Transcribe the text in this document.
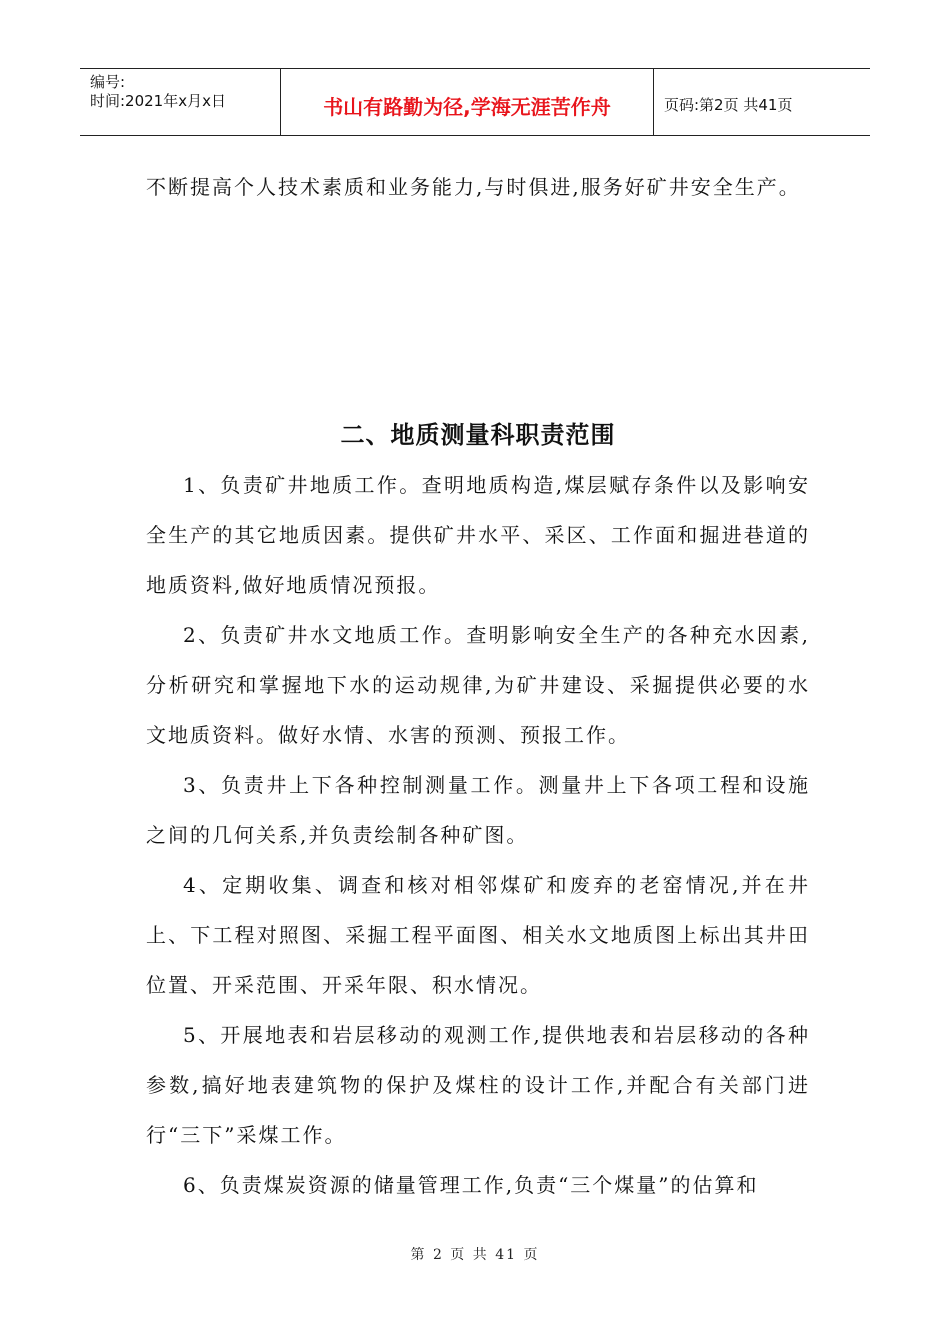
编号:
时间:2021年x月x日	书山有路勤为径,学海无涯苦作舟	页码:第2页 共41页

不断提高个人技术素质和业务能力,与时俱进,服务好矿井安全生产。

二、地质测量科职责范围

1、负责矿井地质工作。查明地质构造,煤层赋存条件以及影响安全生产的其它地质因素。提供矿井水平、采区、工作面和掘进巷道的地质资料,做好地质情况预报。

2、负责矿井水文地质工作。查明影响安全生产的各种充水因素,分析研究和掌握地下水的运动规律,为矿井建设、采掘提供必要的水文地质资料。做好水情、水害的预测、预报工作。

3、负责井上下各种控制测量工作。测量井上下各项工程和设施之间的几何关系,并负责绘制各种矿图。

4、定期收集、调查和核对相邻煤矿和废弃的老窑情况,并在井上、下工程对照图、采掘工程平面图、相关水文地质图上标出其井田位置、开采范围、开采年限、积水情况。

5、开展地表和岩层移动的观测工作,提供地表和岩层移动的各种参数,搞好地表建筑物的保护及煤柱的设计工作,并配合有关部门进行“三下”采煤工作。

6、负责煤炭资源的储量管理工作,负责“三个煤量”的估算和

第 2 页 共 41 页
